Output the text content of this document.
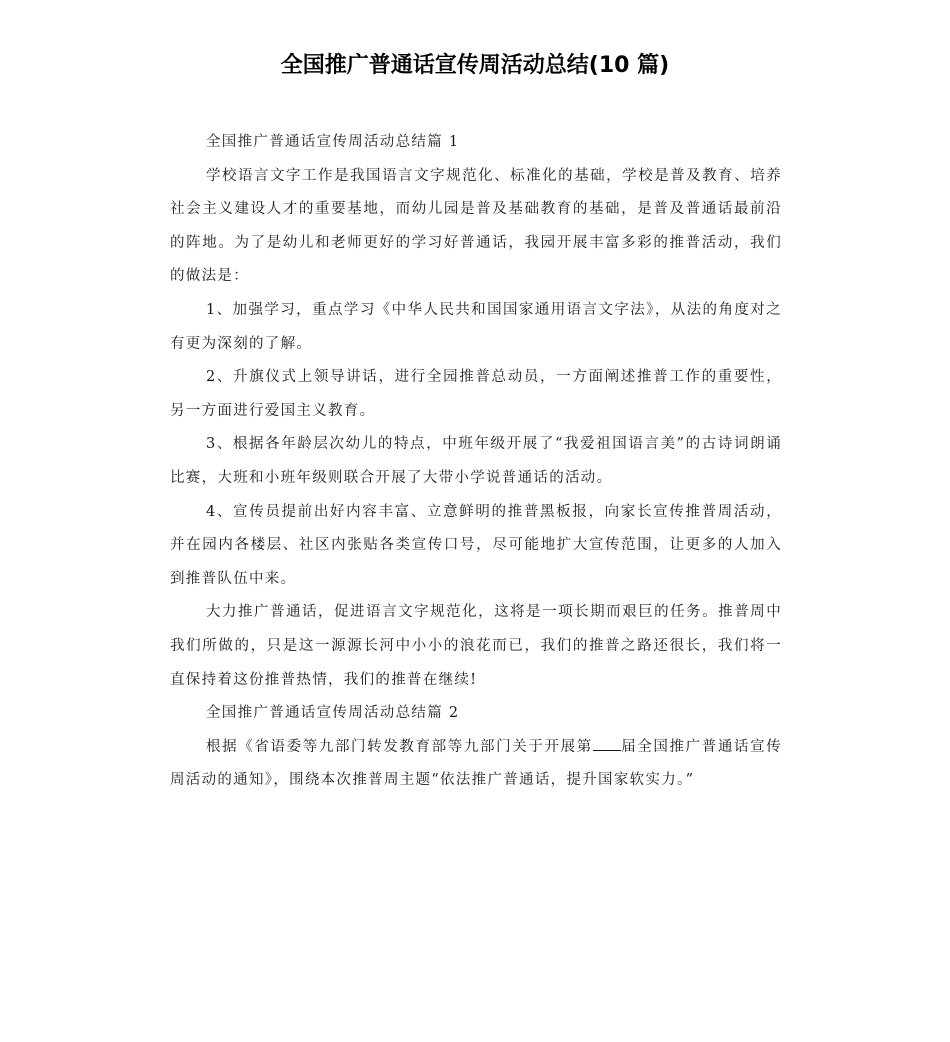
全国推广普通话宣传周活动总结(10 篇)

全国推广普通话宣传周活动总结篇 1

学校语言文字工作是我国语言文字规范化、标准化的基础，学校是普及教育、培养社会主义建设人才的重要基地，而幼儿园是普及基础教育的基础，是普及普通话最前沿的阵地。为了是幼儿和老师更好的学习好普通话，我园开展丰富多彩的推普活动，我们的做法是：

1、加强学习，重点学习《中华人民共和国国家通用语言文字法》，从法的角度对之有更为深刻的了解。

2、升旗仪式上领导讲话，进行全园推普总动员，一方面阐述推普工作的重要性，另一方面进行爱国主义教育。

3、根据各年龄层次幼儿的特点，中班年级开展了“我爱祖国语言美”的古诗词朗诵比赛，大班和小班年级则联合开展了大带小学说普通话的活动。

4、宣传员提前出好内容丰富、立意鲜明的推普黑板报，向家长宣传推普周活动，并在园内各楼层、社区内张贴各类宣传口号，尽可能地扩大宣传范围，让更多的人加入到推普队伍中来。

大力推广普通话，促进语言文字规范化，这将是一项长期而艰巨的任务。推普周中我们所做的，只是这一源源长河中小小的浪花而已，我们的推普之路还很长，我们将一直保持着这份推普热情，我们的推普在继续!

全国推广普通话宣传周活动总结篇 2

根据《省语委等九部门转发教育部等九部门关于开展第 届全国推广普通话宣传周活动的通知》，围绕本次推普周主题“依法推广普通话，提升国家软实力。”
